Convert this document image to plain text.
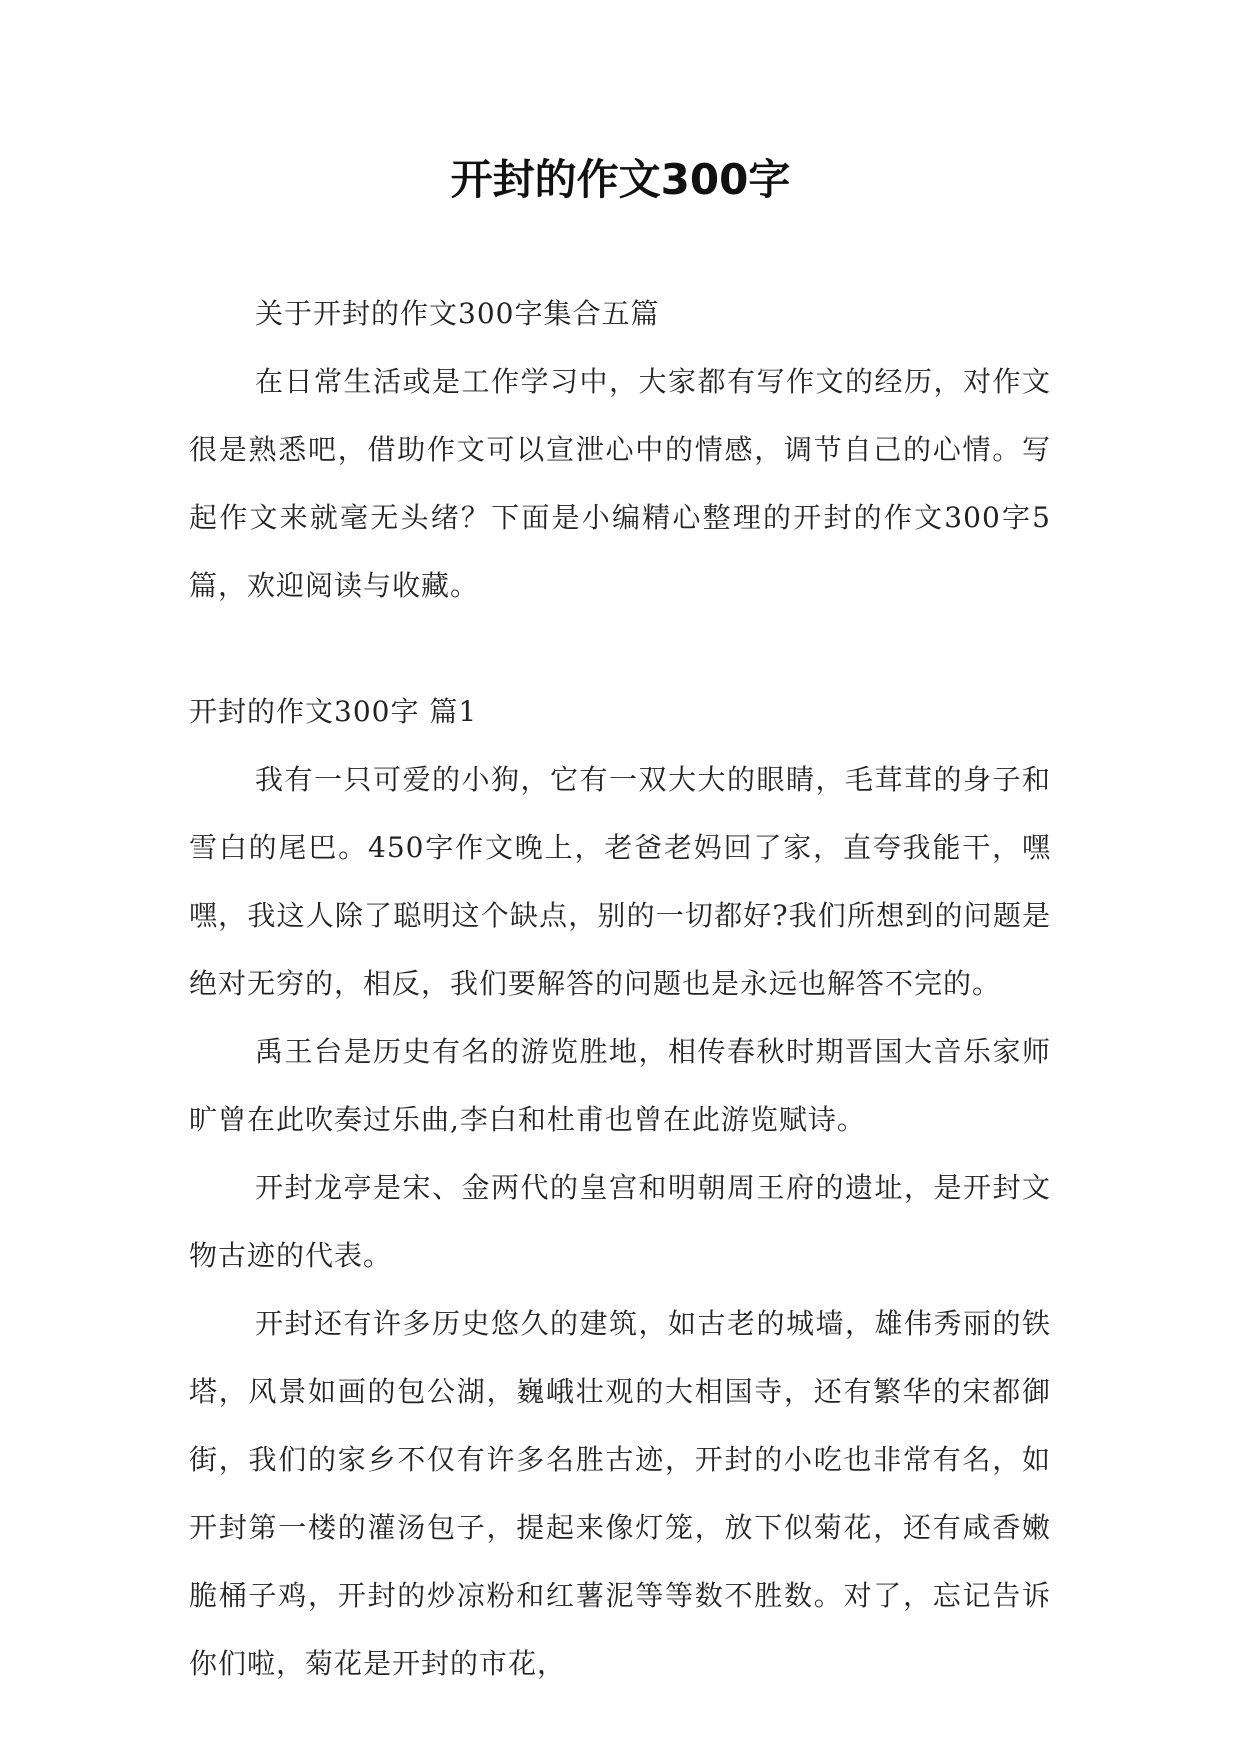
开封的作文300字

关于开封的作文300字集合五篇

在日常生活或是工作学习中，大家都有写作文的经历，对作文很是熟悉吧，借助作文可以宣泄心中的情感，调节自己的心情。写起作文来就毫无头绪？下面是小编精心整理的开封的作文300字5篇，欢迎阅读与收藏。

开封的作文300字 篇1

我有一只可爱的小狗，它有一双大大的眼睛，毛茸茸的身子和雪白的尾巴。450字作文晚上，老爸老妈回了家，直夸我能干，嘿嘿，我这人除了聪明这个缺点，别的一切都好?我们所想到的问题是绝对无穷的，相反，我们要解答的问题也是永远也解答不完的。

禹王台是历史有名的游览胜地，相传春秋时期晋国大音乐家师旷曾在此吹奏过乐曲,李白和杜甫也曾在此游览赋诗。

开封龙亭是宋、金两代的皇宫和明朝周王府的遗址，是开封文物古迹的代表。

开封还有许多历史悠久的建筑，如古老的城墙，雄伟秀丽的铁塔，风景如画的包公湖，巍峨壮观的大相国寺，还有繁华的宋都御街，我们的家乡不仅有许多名胜古迹，开封的小吃也非常有名，如开封第一楼的灌汤包子，提起来像灯笼，放下似菊花，还有咸香嫩脆桶子鸡，开封的炒凉粉和红薯泥等等数不胜数。对了，忘记告诉你们啦，菊花是开封的市花，
